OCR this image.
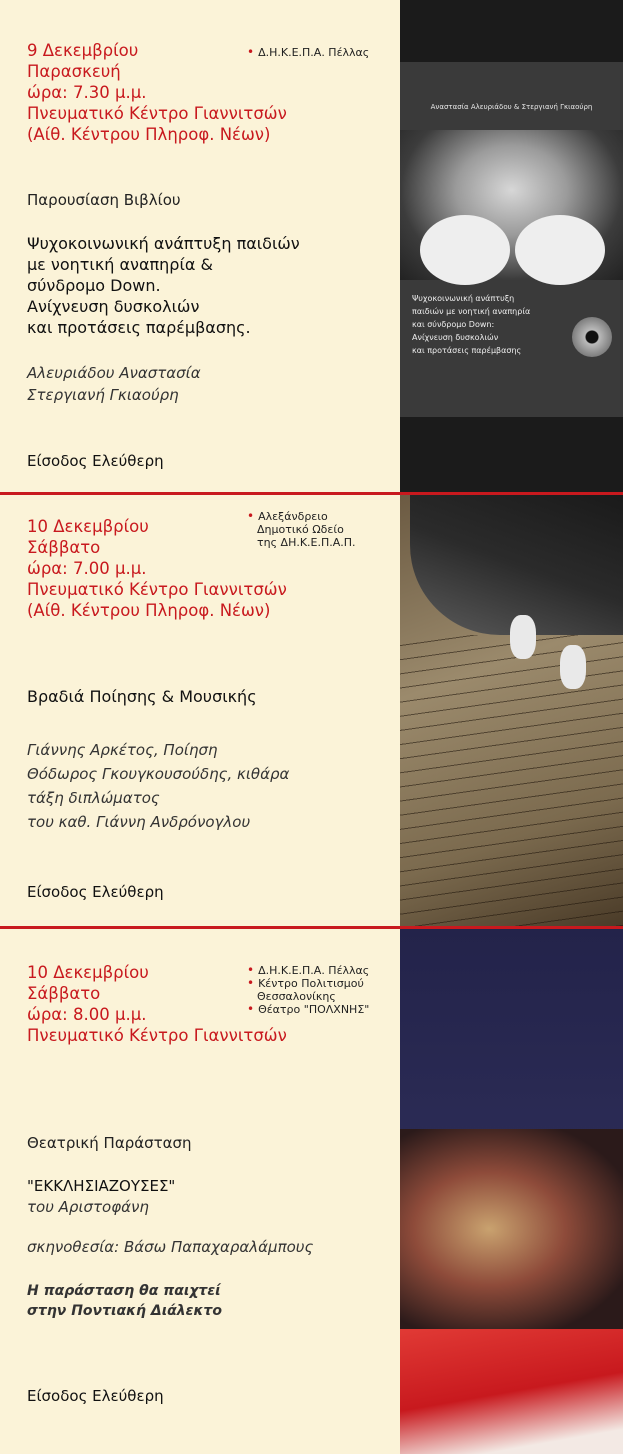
9 Δεκεμβρίου
Παρασκευή
ώρα: 7.30 μ.μ.
Πνευματικό Κέντρο Γιαννιτσών
(Αίθ. Κέντρου Πληροφ. Νέων)
• Δ.Η.Κ.Ε.Π.Α. Πέλλας
Παρουσίαση Βιβλίου
Ψυχοκοινωνική ανάπτυξη παιδιών
με νοητική αναπηρία &
σύνδρομο Down.
Ανίχνευση δυσκολιών
και προτάσεις παρέμβασης.
Αλευριάδου Αναστασία
Στεργιανή Γκιαούρη
Είσοδος Ελεύθερη
10 Δεκεμβρίου
Σάββατο
ώρα: 7.00 μ.μ.
Πνευματικό Κέντρο Γιαννιτσών
(Αίθ. Κέντρου Πληροφ. Νέων)
• Αλεξάνδρειο
Δημοτικό Ωδείο
της ΔΗ.Κ.Ε.Π.Α.Π.
Βραδιά Ποίησης & Μουσικής
Γιάννης Αρκέτος, Ποίηση
Θόδωρος Γκουγκουσούδης, κιθάρα
τάξη διπλώματος
του καθ. Γιάννη Ανδρόνογλου
Είσοδος Ελεύθερη
10 Δεκεμβρίου
Σάββατο
ώρα: 8.00 μ.μ.
Πνευματικό Κέντρο Γιαννιτσών
• Δ.Η.Κ.Ε.Π.Α. Πέλλας
• Κέντρο Πολιτισμού
Θεσσαλονίκης
• Θέατρο "ΠΟΛΧΝΗΣ"
Θεατρική Παράσταση
"ΕΚΚΛΗΣΙΑΖΟΥΣΕΣ"
του Αριστοφάνη
σκηνοθεσία: Βάσω Παπαχαραλάμπους
Η παράσταση θα παιχτεί
στην Ποντιακή Διάλεκτο
Είσοδος Ελεύθερη
Αναστασία Αλευριάδου & Στεργιανή Γκιαούρη
Ψυχοκοινωνική ανάπτυξη
παιδιών με νοητική αναπηρία
και σύνδρομο Down:
Ανίχνευση δυσκολιών
και προτάσεις παρέμβασης
